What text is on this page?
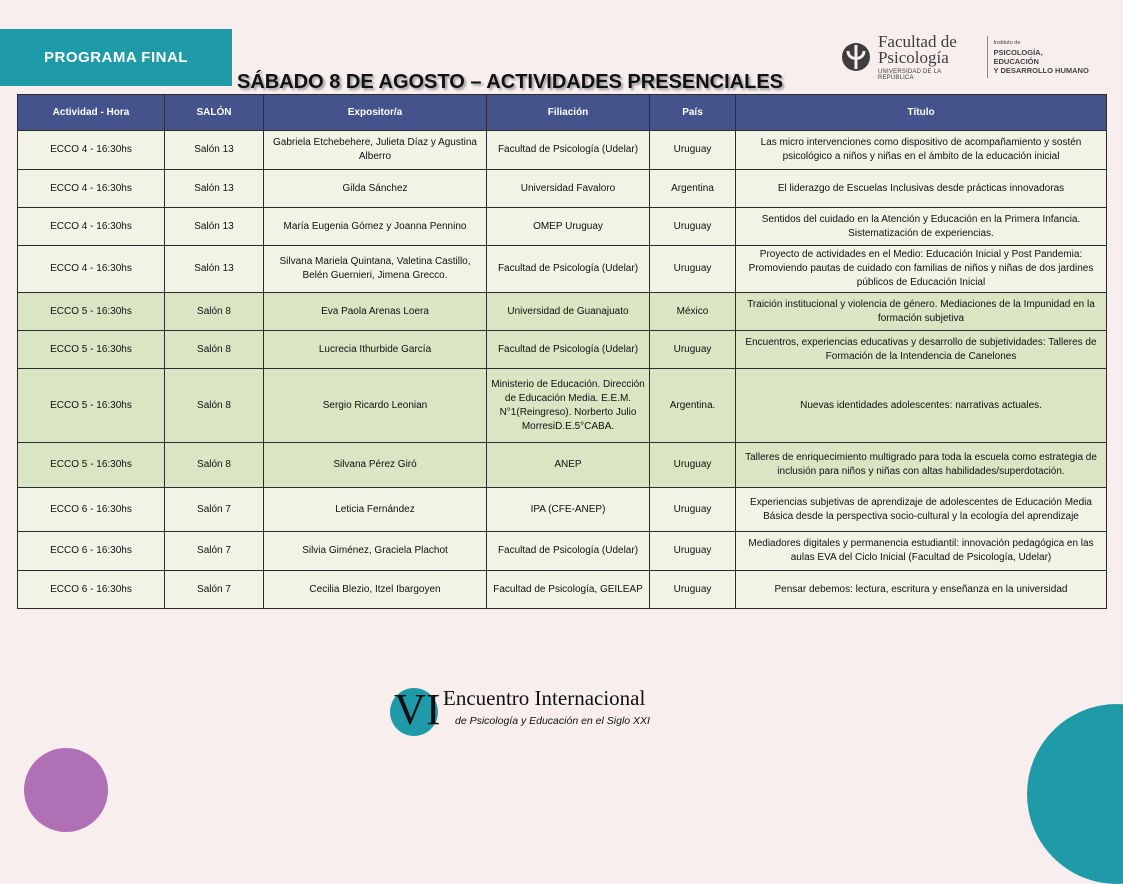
PROGRAMA FINAL
SÁBADO 8 DE AGOSTO – ACTIVIDADES PRESENCIALES
Facultad de
Psicología
UNIVERSIDAD DE LA REPÚBLICA
Instituto de
PSICOLOGÍA, EDUCACIÓN
Y DESARROLLO HUMANO
Actividad - Hora	SALÓN	Expositor/a	Filiación	País	Título
ECCO 4 - 16:30hs	Salón 13	Gabriela Etchebehere, Julieta Díaz y Agustina Alberro	Facultad de Psicología (Udelar)	Uruguay	Las micro intervenciones como dispositivo de acompañamiento y sostén psicológico a niños y niñas en el ámbito de la educación inicial
ECCO 4 - 16:30hs	Salón 13	Gilda Sánchez	Universidad Favaloro	Argentina	El liderazgo de Escuelas Inclusivas desde prácticas innovadoras
ECCO 4 - 16:30hs	Salón 13	María Eugenia Gómez y Joanna Pennino	OMEP Uruguay	Uruguay	Sentidos del cuidado en la Atención y Educación en la Primera Infancia. Sistematización de experiencias.
ECCO 4 - 16:30hs	Salón 13	Silvana Mariela Quintana, Valetina Castillo, Belén Guernieri, Jimena Grecco.	Facultad de Psicología (Udelar)	Uruguay	Proyecto de actividades en el Medio: Educación Inicial y Post Pandemia: Promoviendo pautas de cuidado con familias de niños y niñas de dos jardines públicos de Educación Inicial
ECCO 5 - 16:30hs	Salón 8	Eva Paola Arenas Loera	Universidad de Guanajuato	México	Traición institucional y violencia de género. Mediaciones de la Impunidad en la formación subjetiva
ECCO 5 - 16:30hs	Salón 8	Lucrecia Ithurbide García	Facultad de Psicología (Udelar)	Uruguay	Encuentros, experiencias educativas y desarrollo de subjetividades: Talleres de Formación de la Intendencia de Canelones
ECCO 5 - 16:30hs	Salón 8	Sergio Ricardo Leonian	Ministerio de Educación. Dirección de Educación Media. E.E.M. N°1(Reingreso). Norberto Julio MorresiD.E.5°CABA.	Argentina.	Nuevas identidades adolescentes: narrativas actuales.
ECCO 5 - 16:30hs	Salón 8	Silvana Pérez Giró	ANEP	Uruguay	Talleres de enriquecimiento multigrado para toda la escuela como estrategia de inclusión para niños y niñas con altas habilidades/superdotación.
ECCO 6 - 16:30hs	Salón 7	Leticia Fernández	IPA (CFE-ANEP)	Uruguay	Experiencias subjetivas de aprendizaje de adolescentes de Educación Media Básica desde la perspectiva socio-cultural y la ecología del aprendizaje
ECCO 6 - 16:30hs	Salón 7	Silvia Giménez, Graciela Plachot	Facultad de Psicología (Udelar)	Uruguay	Mediadores digitales y permanencia estudiantil: innovación pedagógica en las aulas EVA del Ciclo Inicial (Facultad de Psicología, Udelar)
ECCO 6 - 16:30hs	Salón 7	Cecilia Blezio, Itzel Ibargoyen	Facultad de Psicología, GEILEAP	Uruguay	Pensar debemos: lectura, escritura y enseñanza en la universidad
VI Encuentro Internacional
de Psicología y Educación en el Siglo XXI
